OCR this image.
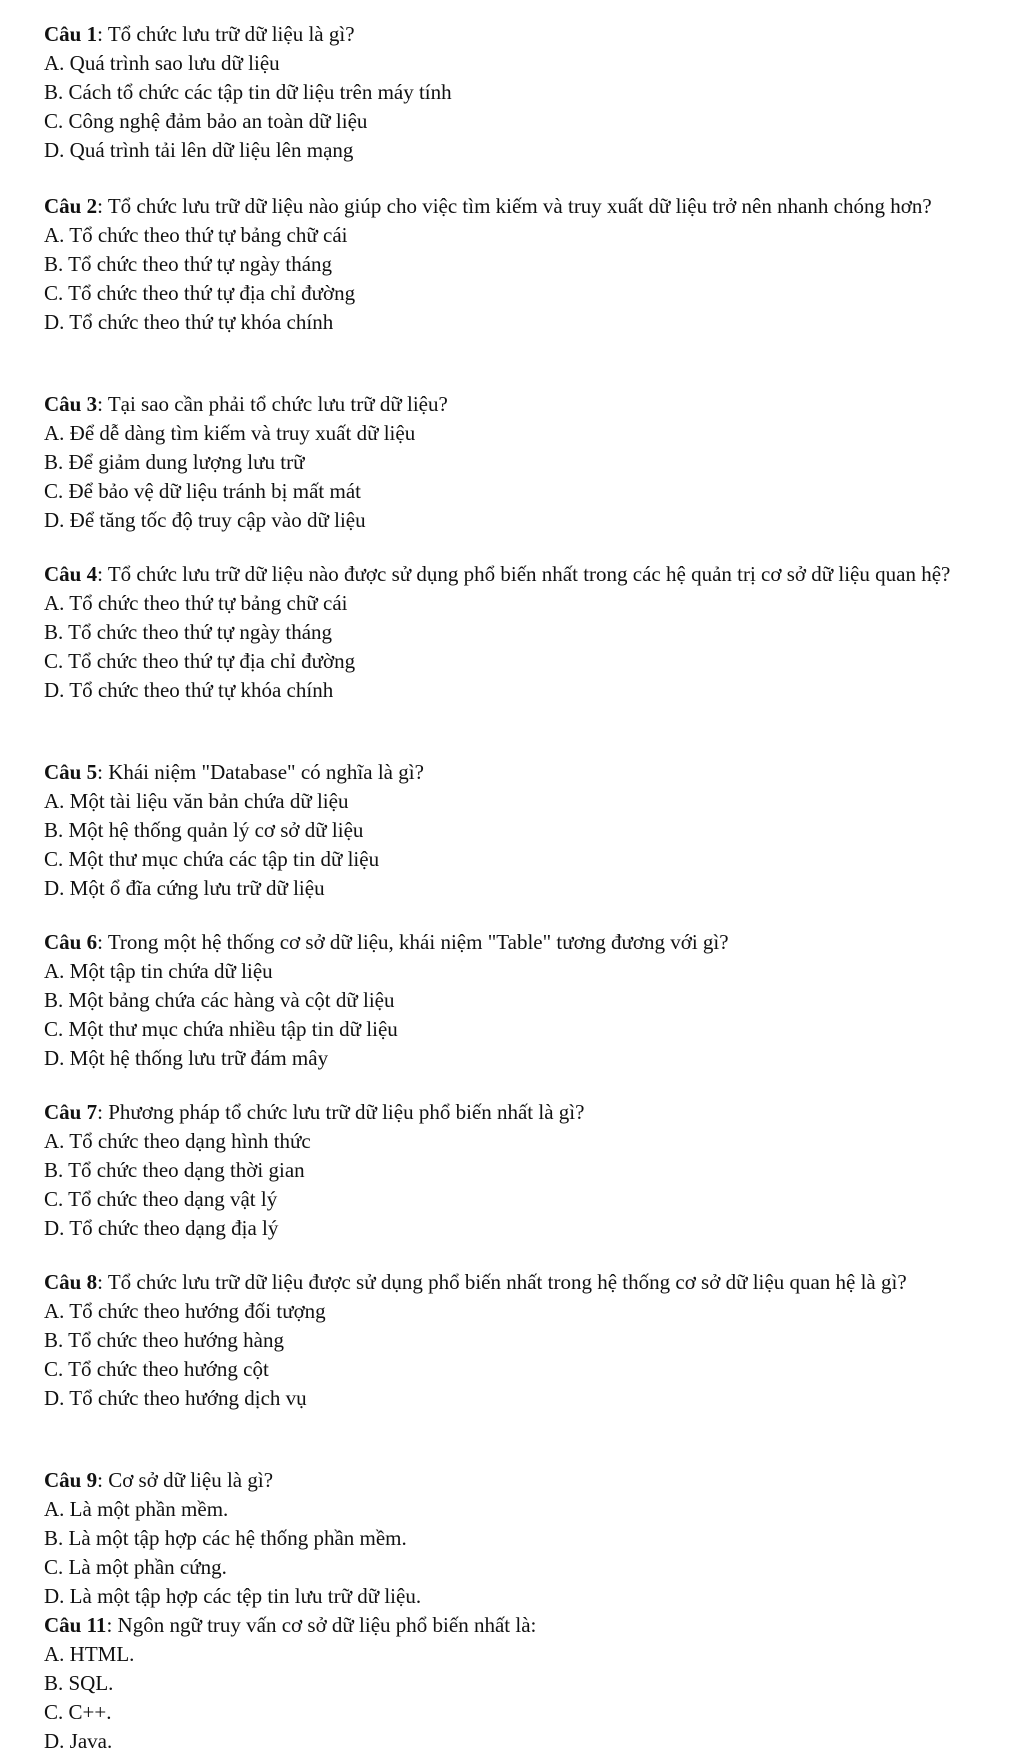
Câu 1: Tổ chức lưu trữ dữ liệu là gì?

A. Quá trình sao lưu dữ liệu

B. Cách tổ chức các tập tin dữ liệu trên máy tính

C. Công nghệ đảm bảo an toàn dữ liệu

D. Quá trình tải lên dữ liệu lên mạng

Câu 2: Tổ chức lưu trữ dữ liệu nào giúp cho việc tìm kiếm và truy xuất dữ liệu trở nên nhanh chóng hơn?

A. Tổ chức theo thứ tự bảng chữ cái

B. Tổ chức theo thứ tự ngày tháng

C. Tổ chức theo thứ tự địa chỉ đường

D. Tổ chức theo thứ tự khóa chính

Câu 3: Tại sao cần phải tổ chức lưu trữ dữ liệu?

A. Để dễ dàng tìm kiếm và truy xuất dữ liệu

B. Để giảm dung lượng lưu trữ

C. Để bảo vệ dữ liệu tránh bị mất mát

D. Để tăng tốc độ truy cập vào dữ liệu

Câu 4: Tổ chức lưu trữ dữ liệu nào được sử dụng phổ biến nhất trong các hệ quản trị cơ sở dữ liệu quan hệ?

A. Tổ chức theo thứ tự bảng chữ cái

B. Tổ chức theo thứ tự ngày tháng

C. Tổ chức theo thứ tự địa chỉ đường

D. Tổ chức theo thứ tự khóa chính

Câu 5: Khái niệm "Database" có nghĩa là gì?

A. Một tài liệu văn bản chứa dữ liệu

B. Một hệ thống quản lý cơ sở dữ liệu

C. Một thư mục chứa các tập tin dữ liệu

D. Một ổ đĩa cứng lưu trữ dữ liệu

Câu 6: Trong một hệ thống cơ sở dữ liệu, khái niệm "Table" tương đương với gì?

A. Một tập tin chứa dữ liệu

B. Một bảng chứa các hàng và cột dữ liệu

C. Một thư mục chứa nhiều tập tin dữ liệu

D. Một hệ thống lưu trữ đám mây

Câu 7: Phương pháp tổ chức lưu trữ dữ liệu phổ biến nhất là gì?

A. Tổ chức theo dạng hình thức

B. Tổ chức theo dạng thời gian

C. Tổ chức theo dạng vật lý

D. Tổ chức theo dạng địa lý

Câu 8: Tổ chức lưu trữ dữ liệu được sử dụng phổ biến nhất trong hệ thống cơ sở dữ liệu quan hệ là gì?

A. Tổ chức theo hướng đối tượng

B. Tổ chức theo hướng hàng

C. Tổ chức theo hướng cột

D. Tổ chức theo hướng dịch vụ

Câu 9: Cơ sở dữ liệu là gì?

A. Là một phần mềm.

B. Là một tập hợp các hệ thống phần mềm.

C. Là một phần cứng.

D. Là một tập hợp các tệp tin lưu trữ dữ liệu.

Câu 11: Ngôn ngữ truy vấn cơ sở dữ liệu phổ biến nhất là:

A. HTML.

B. SQL.

C. C++.

D. Java.
